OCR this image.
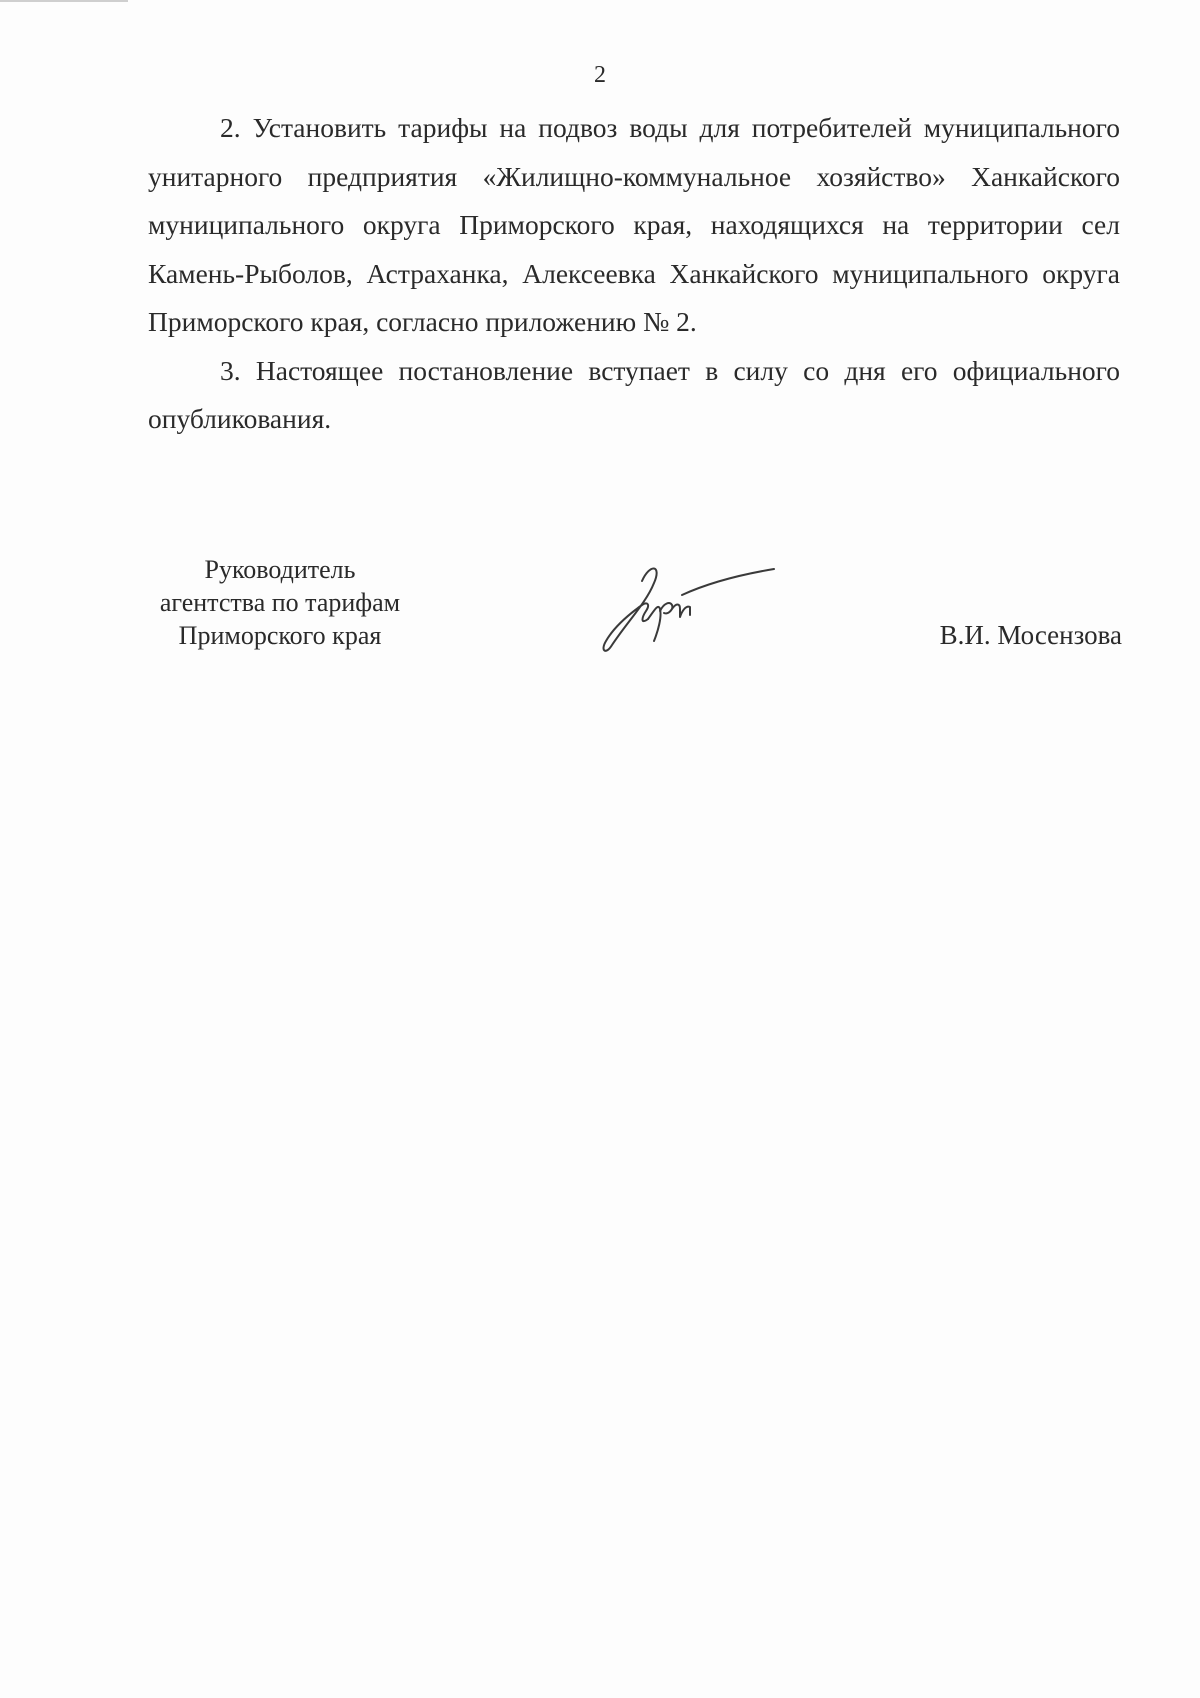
2

2. Установить тарифы на подвоз воды для потребителей муниципального унитарного предприятия «Жилищно-коммунальное хозяйство» Ханкайского муниципального округа Приморского края, находящихся на территории сел Камень-Рыболов, Астраханка, Алексеевка Ханкайского муниципального округа Приморского края, согласно приложению № 2.

3. Настоящее постановление вступает в силу со дня его официального опубликования.

Руководитель
агентства по тарифам
Приморского края	В.И. Мосензова
